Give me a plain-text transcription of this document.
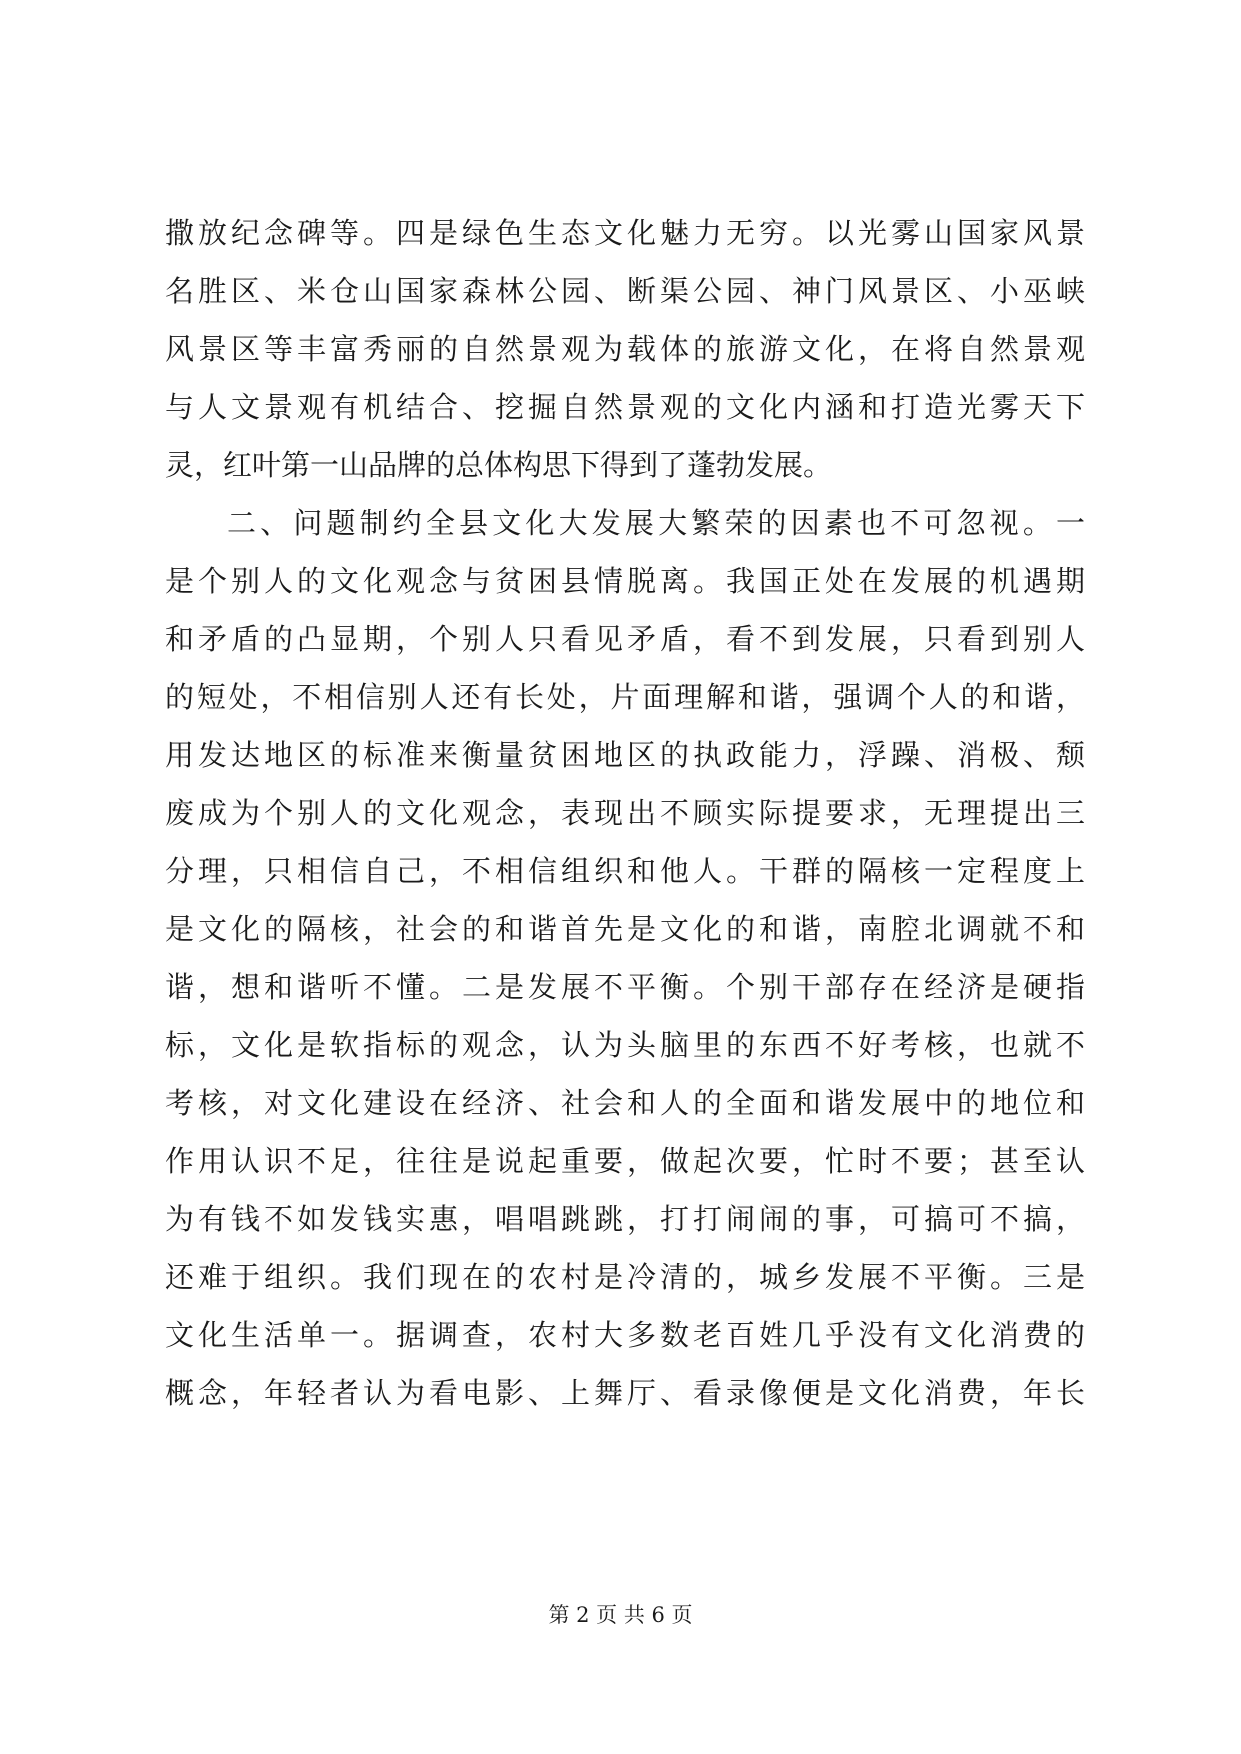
撒放纪念碑等。四是绿色生态文化魅力无穷。以光雾山国家风景
名胜区、米仓山国家森林公园、断渠公园、神门风景区、小巫峡
风景区等丰富秀丽的自然景观为载体的旅游文化，在将自然景观
与人文景观有机结合、挖掘自然景观的文化内涵和打造光雾天下
灵，红叶第一山品牌的总体构思下得到了蓬勃发展。
二、问题制约全县文化大发展大繁荣的因素也不可忽视。一
是个别人的文化观念与贫困县情脱离。我国正处在发展的机遇期
和矛盾的凸显期，个别人只看见矛盾，看不到发展，只看到别人
的短处，不相信别人还有长处，片面理解和谐，强调个人的和谐，
用发达地区的标准来衡量贫困地区的执政能力，浮躁、消极、颓
废成为个别人的文化观念，表现出不顾实际提要求，无理提出三
分理，只相信自己，不相信组织和他人。干群的隔核一定程度上
是文化的隔核，社会的和谐首先是文化的和谐，南腔北调就不和
谐，想和谐听不懂。二是发展不平衡。个别干部存在经济是硬指
标，文化是软指标的观念，认为头脑里的东西不好考核，也就不
考核，对文化建设在经济、社会和人的全面和谐发展中的地位和
作用认识不足，往往是说起重要，做起次要，忙时不要；甚至认
为有钱不如发钱实惠，唱唱跳跳，打打闹闹的事，可搞可不搞，
还难于组织。我们现在的农村是冷清的，城乡发展不平衡。三是
文化生活单一。据调查，农村大多数老百姓几乎没有文化消费的
概念，年轻者认为看电影、上舞厅、看录像便是文化消费，年长
第 2 页 共 6 页
